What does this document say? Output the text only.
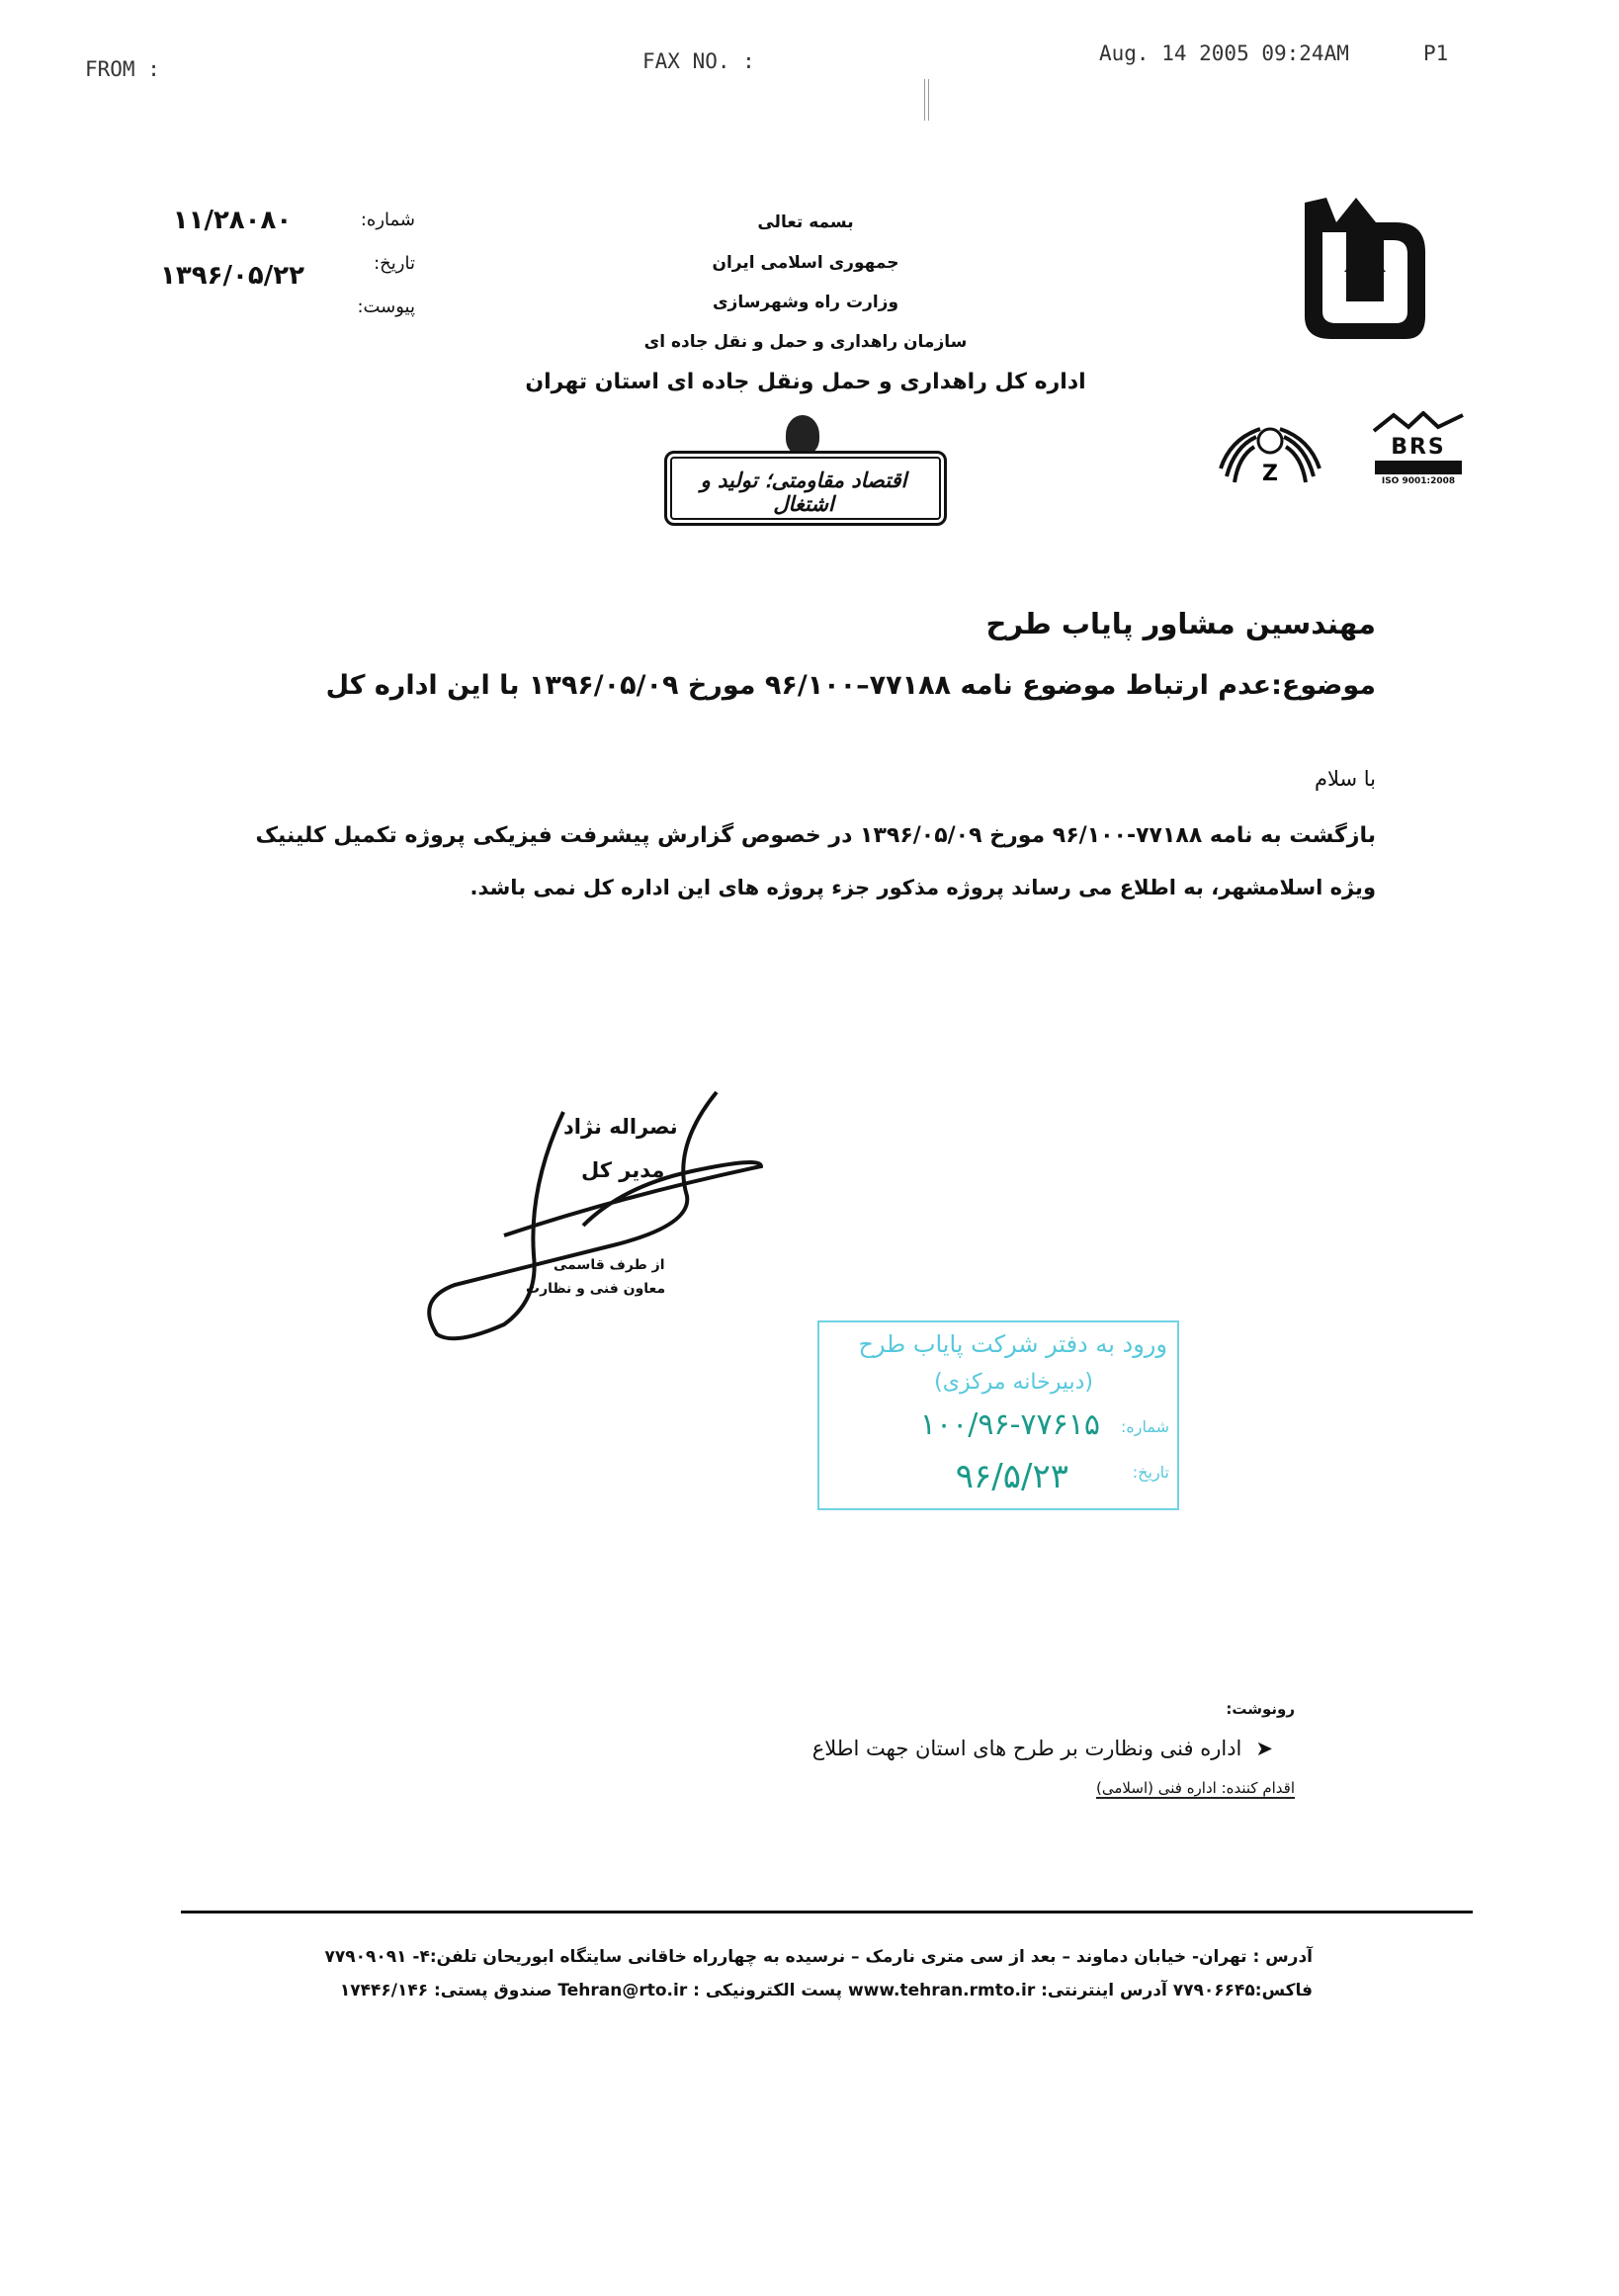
FROM :	FAX NO. :	Aug. 14 2005 09:24AM	P1
بسمه تعالی
جمهوری اسلامی ایران
وزارت راه وشهرسازی
سازمان راهداری و حمل و نقل جاده ای
اداره کل راهداری و حمل ونقل جاده ای استان تهران
اقتصاد مقاومتی؛ تولید و اشتغال
Z
BRS
ISO 9001:2008
شماره:
۱۱/۲۸۰۸۰
تاریخ:
۱۳۹۶/۰۵/۲۲
پیوست:
مهندسین مشاور پایاب طرح
موضوع:عدم ارتباط موضوع نامه ۷۷۱۸۸–۹۶/۱۰۰ مورخ ۱۳۹۶/۰۵/۰۹ با این اداره کل
با سلام
بازگشت به نامه ۷۷۱۸۸-۹۶/۱۰۰ مورخ ۱۳۹۶/۰۵/۰۹ در خصوص گزارش پیشرفت فیزیکی پروژه تکمیل کلینیک
ویژه اسلامشهر، به اطلاع می رساند پروژه مذکور جزء پروژه های این اداره کل نمی باشد.
نصراله نژاد
مدیر کل
از طرف قاسمی
معاون فنی و نظارت
ورود به دفتر شرکت پایاب طرح
(دبیرخانه مرکزی)
شماره:
۱۰۰/۹۶-۷۷۶۱۵
تاریخ:
۹۶/۵/۲۳
رونوشت:
➤اداره فنی ونظارت بر طرح های استان جهت اطلاع
اقدام کننده: اداره فنی (اسلامی)
آدرس : تهران- خیابان دماوند – بعد از سی متری نارمک – نرسیده به چهارراه خاقانی سایتگاه ابوریحان تلفن:۴- ۷۷۹۰۹۰۹۱
فاکس:۷۷۹۰۶۶۴۵ آدرس اینترنتی: www.tehran.rmto.ir پست الکترونیکی : Tehran@rto.ir صندوق پستی: ۱۷۴۴۶/۱۴۶
